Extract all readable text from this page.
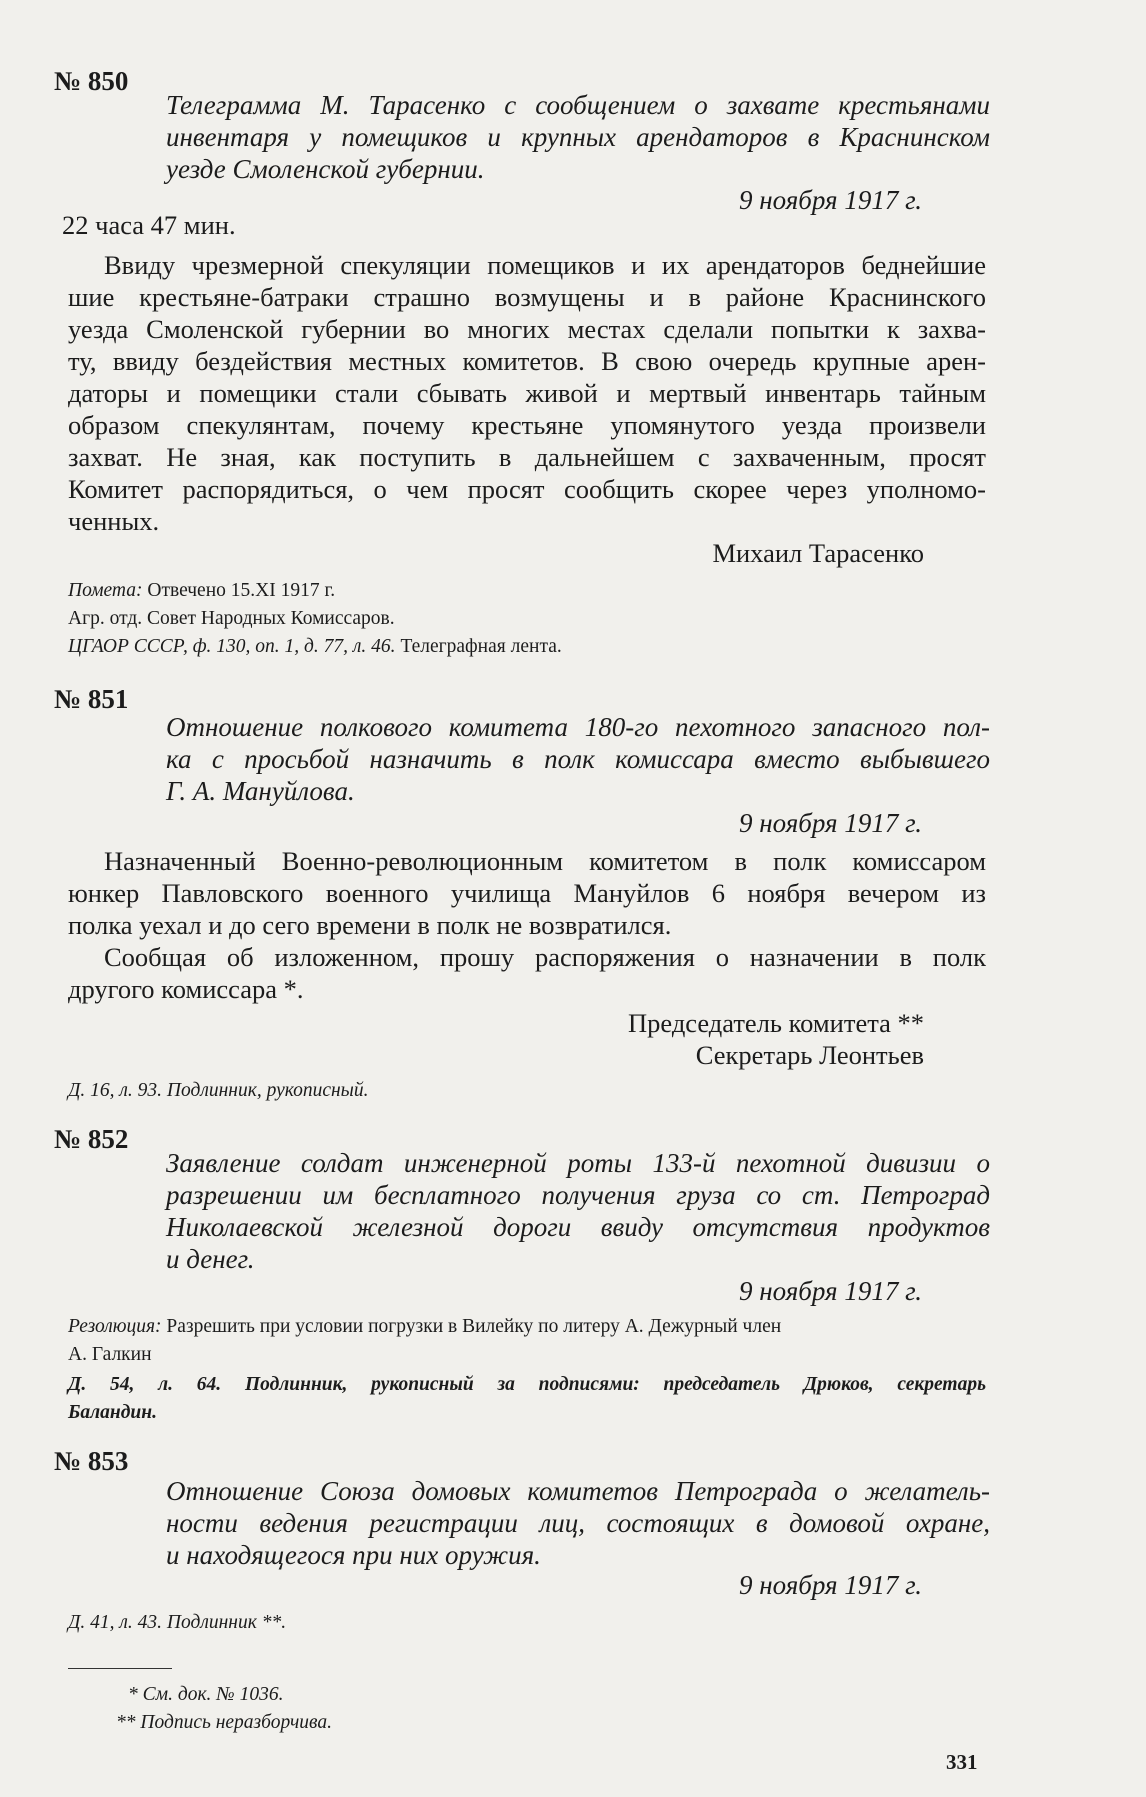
№ 850
Телеграмма М. Тарасенко с сообщением о захвате крестьянами
инвентаря у помещиков и крупных арендаторов в Краснинском
уезде Смоленской губернии.
9 ноября 1917 г.
22 часа 47 мин.
Ввиду чрезмерной спекуляции помещиков и их арендаторов беднейшие
шие крестьяне-батраки страшно возмущены и в районе Краснинского
уезда Смоленской губернии во многих местах сделали попытки к захва-
ту, ввиду бездействия местных комитетов. В свою очередь крупные арен-
даторы и помещики стали сбывать живой и мертвый инвентарь тайным
образом спекулянтам, почему крестьяне упомянутого уезда произвели
захват. Не зная, как поступить в дальнейшем с захваченным, просят
Комитет распорядиться, о чем просят сообщить скорее через уполномо-
ченных.
Михаил Тарасенко
Помета: Отвечено 15.XI 1917 г.
Агр. отд. Совет Народных Комиссаров.
ЦГАОР СССР, ф. 130, оп. 1, д. 77, л. 46. Телеграфная лента.
№ 851
Отношение полкового комитета 180-го пехотного запасного пол-
ка с просьбой назначить в полк комиссара вместо выбывшего
Г. А. Мануйлова.
9 ноября 1917 г.
Назначенный Военно-революционным комитетом в полк комиссаром
юнкер Павловского военного училища Мануйлов 6 ноября вечером из
полка уехал и до сего времени в полк не возвратился.
Сообщая об изложенном, прошу распоряжения о назначении в полк
другого комиссара *.
Председатель комитета **
Секретарь Леонтьев
Д. 16, л. 93. Подлинник, рукописный.
№ 852
Заявление солдат инженерной роты 133-й пехотной дивизии о
разрешении им бесплатного получения груза со ст. Петроград
Николаевской железной дороги ввиду отсутствия продуктов
и денег.
9 ноября 1917 г.
Резолюция: Разрешить при условии погрузки в Вилейку по литеру А. Дежурный член
А. Галкин
Д. 54, л. 64. Подлинник, рукописный за подписями: председатель Дрюков, секретарь
Баландин.
№ 853
Отношение Союза домовых комитетов Петрограда о желатель-
ности ведения регистрации лиц, состоящих в домовой охране,
и находящегося при них оружия.
9 ноября 1917 г.
Д. 41, л. 43. Подлинник **.
* См. док. № 1036.
** Подпись неразборчива.
331
